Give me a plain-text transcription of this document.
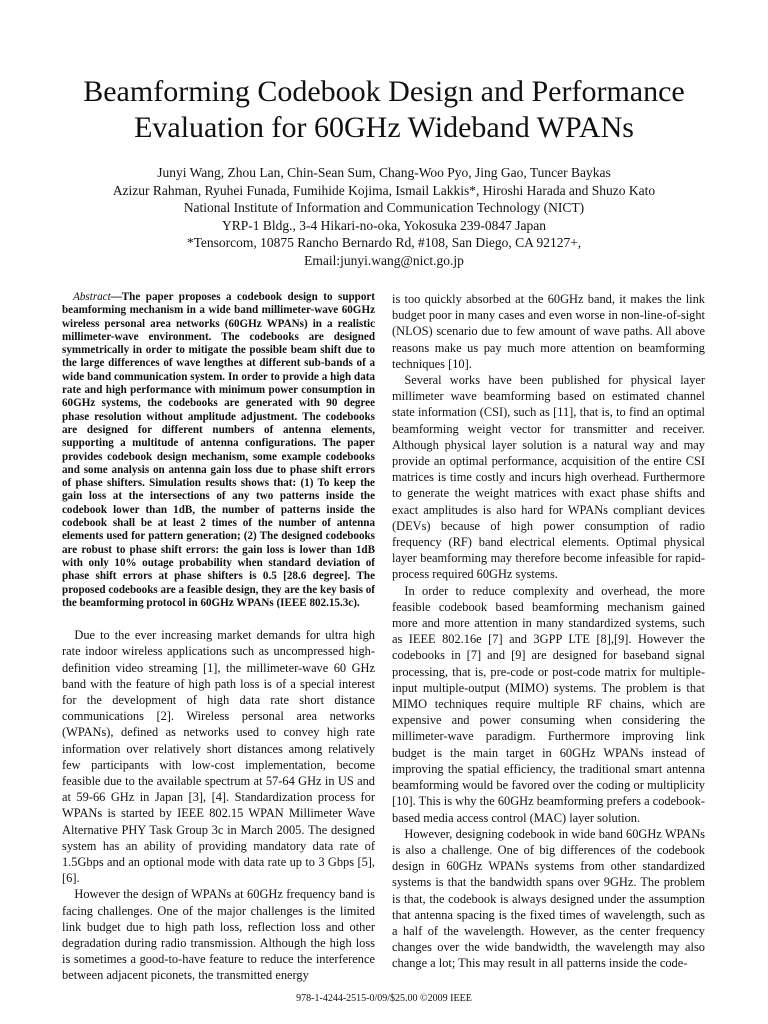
Beamforming Codebook Design and Performance
Evaluation for 60GHz Wideband WPANs
Junyi Wang, Zhou Lan, Chin-Sean Sum, Chang-Woo Pyo, Jing Gao, Tuncer Baykas
Azizur Rahman, Ryuhei Funada, Fumihide Kojima, Ismail Lakkis*, Hiroshi Harada and Shuzo Kato
National Institute of Information and Communication Technology (NICT)
YRP-1 Bldg., 3-4 Hikari-no-oka, Yokosuka 239-0847 Japan
*Tensorcom, 10875 Rancho Bernardo Rd, #108, San Diego, CA 92127+,
Email:junyi.wang@nict.go.jp
Abstract—The paper proposes a codebook design to support beamforming mechanism in a wide band millimeter-wave 60GHz wireless personal area networks (60GHz WPANs) in a realistic millimeter-wave environment. The codebooks are designed symmetrically in order to mitigate the possible beam shift due to the large differences of wave lengthes at different sub-bands of a wide band communication system. In order to provide a high data rate and high performance with minimum power consumption in 60GHz systems, the codebooks are generated with 90 degree phase resolution without amplitude adjustment. The codebooks are designed for different numbers of antenna elements, supporting a multitude of antenna configurations. The paper provides codebook design mechanism, some example codebooks and some analysis on antenna gain loss due to phase shift errors of phase shifters. Simulation results shows that: (1) To keep the gain loss at the intersections of any two patterns inside the codebook lower than 1dB, the number of patterns inside the codebook shall be at least 2 times of the number of antenna elements used for pattern generation; (2) The designed codebooks are robust to phase shift errors: the gain loss is lower than 1dB with only 10% outage probability when standard deviation of phase shift errors at phase shifters is 0.5 [28.6 degree]. The proposed codebooks are a feasible design, they are the key basis of the beamforming protocol in 60GHz WPANs (IEEE 802.15.3c).

Due to the ever increasing market demands for ultra high rate indoor wireless applications such as uncompressed high-definition video streaming [1], the millimeter-wave 60 GHz band with the feature of high path loss is of a special interest for the development of high data rate short distance communications [2]. Wireless personal area networks (WPANs), defined as networks used to convey high rate information over relatively short distances among relatively few participants with low-cost implementation, become feasible due to the available spectrum at 57-64 GHz in US and at 59-66 GHz in Japan [3], [4]. Standardization process for WPANs is started by IEEE 802.15 WPAN Millimeter Wave Alternative PHY Task Group 3c in March 2005. The designed system has an ability of providing mandatory data rate of 1.5Gbps and an optional mode with data rate up to 3 Gbps [5], [6].

However the design of WPANs at 60GHz frequency band is facing challenges. One of the major challenges is the limited link budget due to high path loss, reflection loss and other degradation during radio transmission. Although the high loss is sometimes a good-to-have feature to reduce the interference between adjacent piconets, the transmitted energy

is too quickly absorbed at the 60GHz band, it makes the link budget poor in many cases and even worse in non-line-of-sight (NLOS) scenario due to few amount of wave paths. All above reasons make us pay much more attention on beamforming techniques [10].

Several works have been published for physical layer millimeter wave beamforming based on estimated channel state information (CSI), such as [11], that is, to find an optimal beamforming weight vector for transmitter and receiver. Although physical layer solution is a natural way and may provide an optimal performance, acquisition of the entire CSI matrices is time costly and incurs high overhead. Furthermore to generate the weight matrices with exact phase shifts and exact amplitudes is also hard for WPANs compliant devices (DEVs) because of high power consumption of radio frequency (RF) band electrical elements. Optimal physical layer beamforming may therefore become infeasible for rapid-process required 60GHz systems.

In order to reduce complexity and overhead, the more feasible codebook based beamforming mechanism gained more and more attention in many standardized systems, such as IEEE 802.16e [7] and 3GPP LTE [8],[9]. However the codebooks in [7] and [9] are designed for baseband signal processing, that is, pre-code or post-code matrix for multiple-input multiple-output (MIMO) systems. The problem is that MIMO techniques require multiple RF chains, which are expensive and power consuming when considering the millimeter-wave paradigm. Furthermore improving link budget is the main target in 60GHz WPANs instead of improving the spatial efficiency, the traditional smart antenna beamforming would be favored over the coding or multiplicity [10]. This is why the 60GHz beamforming prefers a codebook-based media access control (MAC) layer solution.

However, designing codebook in wide band 60GHz WPANs is also a challenge. One of big differences of the codebook design in 60GHz WPANs systems from other standardized systems is that the bandwidth spans over 9GHz. The problem is that, the codebook is always designed under the assumption that antenna spacing is the fixed times of wavelength, such as a half of the wavelength. However, as the center frequency changes over the wide bandwidth, the wavelength may also change a lot; This may result in all patterns inside the code-

978-1-4244-2515-0/09/$25.00 ©2009 IEEE
